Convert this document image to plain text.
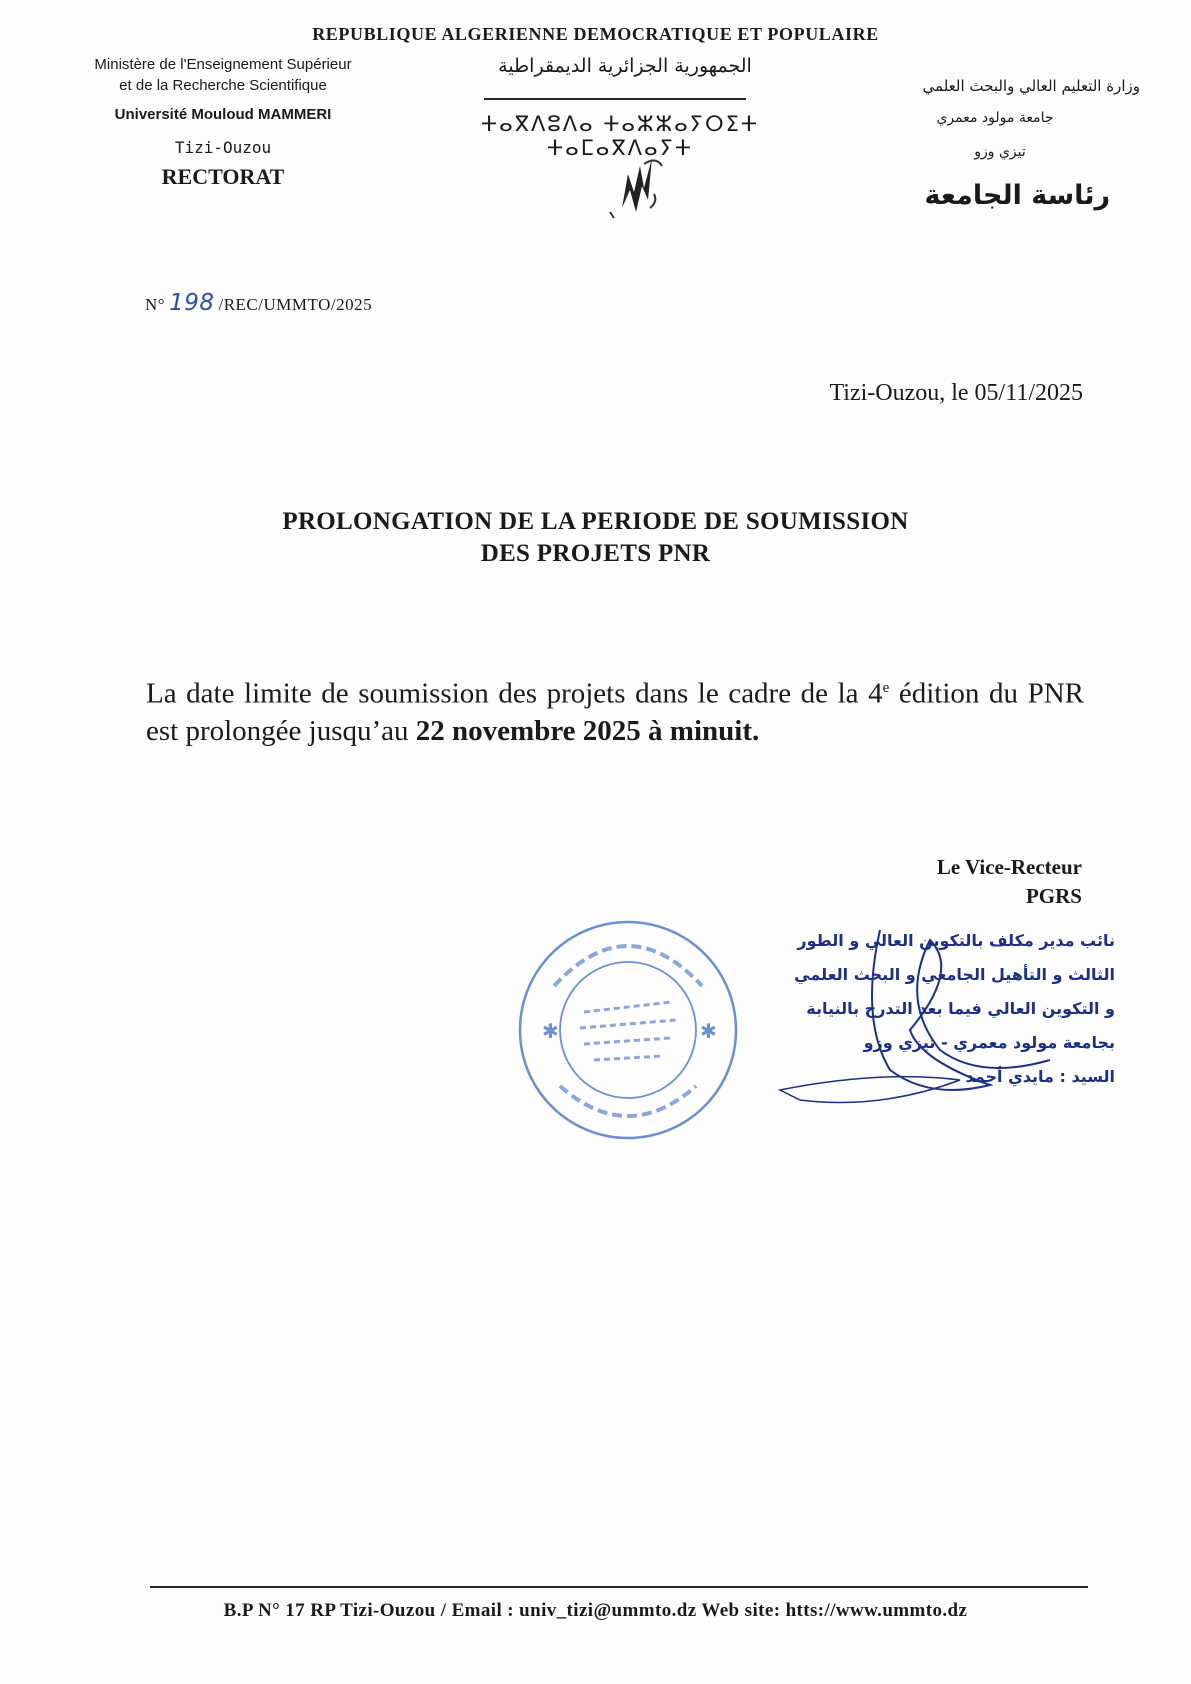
REPUBLIQUE ALGERIENNE DEMOCRATIQUE ET POPULAIRE
الجمهورية الجزائرية الديمقراطية
ⵜⴰⴳⴷⵓⴷⴰ ⵜⴰⵣⵣⴰⵢⵔⵉⵜ ⵜⴰⵎⴰⴳⴷⴰⵢⵜ
Ministère de l'Enseignement Supérieur
et de la Recherche Scientifique
Université Mouloud MAMMERI
Tizi-Ouzou
RECTORAT
وزارة التعليم العالي والبحث العلمي
جامعة مولود معمري
تيزي وزو
رئاسة الجامعة
N° 198 /REC/UMMTO/2025
Tizi-Ouzou, le 05/11/2025
PROLONGATION DE LA PERIODE DE SOUMISSION
DES PROJETS PNR
La date limite de soumission des projets dans le cadre de la 4e édition du PNR est prolongée jusqu’au 22 novembre 2025 à minuit.
Le Vice-Recteur
PGRS
✱	✱
نائب مدير مكلف بالتكوين العالي و الطور
الثالث و التأهيل الجامعي و البحث العلمي
و التكوين العالي فيما بعد التدرج بالنيابة
بجامعة مولود معمري - تيزي وزو
السيد : مايدي أحمد
B.P N° 17 RP Tizi-Ouzou / Email : univ_tizi@ummto.dz Web site: htts://www.ummto.dz
